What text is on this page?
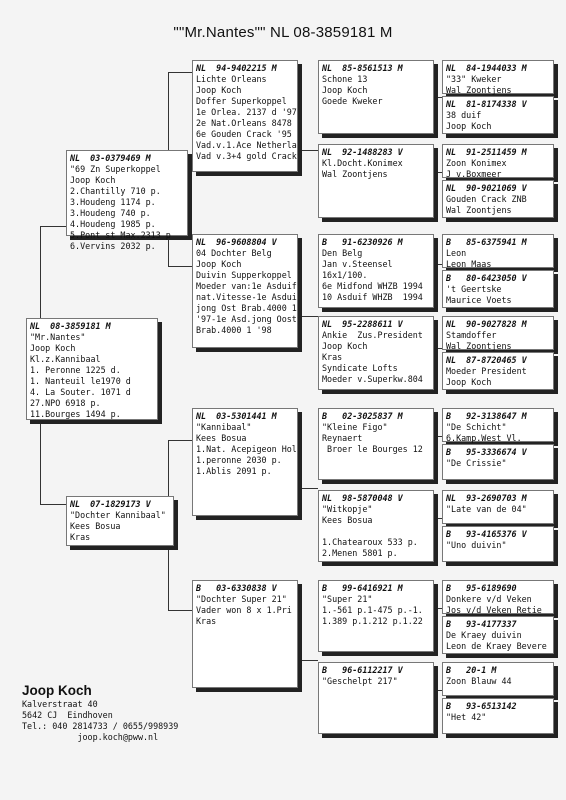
""Mr.Nantes"" NL 08-3859181 M
NL  08-3859181 M
"Mr.Nantes"
Joop Koch
Kl.z.Kannibaal
1. Peronne 1225 d.
1. Nanteuil le1970 d
4. La Souter. 1071 d
27.NPO 6918 p.
11.Bourges 1494 p.
NL  03-0379469 M
"69 Zn Superkoppel
Joop Koch
2.Chantilly 710 p.
3.Houdeng 1174 p.
3.Houdeng 740 p.
4.Houdeng 1985 p.
5.Pont st Max.2313 p
6.Vervins 2032 p.
NL  07-1829173 V
"Dochter Kannibaal"
Kees Bosua
Kras
NL  94-9402215 M
Lichte Orleans
Joop Koch
Doffer Superkoppel
1e Orlea. 2137 d '97
2e Nat.Orleans 8478
6e Gouden Crack '95
Vad.v.1.Ace Netherla
Vad v.3+4 gold Crack
NL  96-9608804 V
04 Dochter Belg
Joop Koch
Duivin Supperkoppel
Moeder van:1e Asduif
nat.Vitesse-1e Asdui
jong Ost Brab.4000 1
'97-1e Asd.jong Oost
Brab.4000 1 '98
NL  03-5301441 M
"Kannibaal"
Kees Bosua
1.Nat. Acepigeon Hol
1.peronne 2030 p.
1.Ablis 2091 p.
B   03-6330838 V
"Dochter Super 21"
Vader won 8 x 1.Pri
Kras
NL  85-8561513 M
Schone 13
Joop Koch
Goede Kweker
NL  92-1488283 V
Kl.Docht.Konimex
Wal Zoontjens
B   91-6230926 M
Den Belg
Jan v.Steensel
16x1/100.
6e Midfond WHZB 1994
10 Asduif WHZB  1994
NL  95-2288611 V
Ankie  Zus.President
Joop Koch
Kras
Syndicate Lofts
Moeder v.Superkw.804
B   02-3025837 M
"Kleine Figo"
Reynaert
Broer le Bourges 12
NL  98-5870048 V
"Witkopje"
Kees Bosua

1.Chatearoux 533 p.
2.Menen 5801 p.
B   99-6416921 M
"Super 21"
1.-561 p.1-475 p.-1.
1.389 p.1.212 p.1.22
B   96-6112217 V
"Geschelpt 217"
NL  84-1944033 M
"33" Kweker
Wal Zoontjens
NL  81-8174338 V
38 duif
Joop Koch
NL  91-2511459 M
Zoon Konimex
J v.Boxmeer
NL  90-9021069 V
Gouden Crack ZNB
Wal Zoontjens
B   85-6375941 M
Leon
Leon Maas
B   80-6423050 V
't Geertske
Maurice Voets
NL  90-9027828 M
Stamdoffer
Wal Zoontjens
NL  87-8720465 V
Moeder President
Joop Koch
B   92-3138647 M
"De Schicht"
6.Kamp.West Vl.
B   95-3336674 V
"De Crissie"
NL  93-2690703 M
"Late van de 04"
B   93-4165376 V
"Uno duivin"
B   95-6189690
Donkere v/d Veken
Jos v/d Veken Retie
B   93-4177337
De Kraey duivin
Leon de Kraey Bevere
B   20-1 M
Zoon Blauw 44
B   93-6513142
"Het 42"
Joop Koch
Kalverstraat 40
5642 CJ  Eindhoven
Tel.: 040 2814733 / 0655/998939
joop.koch@pww.nl
